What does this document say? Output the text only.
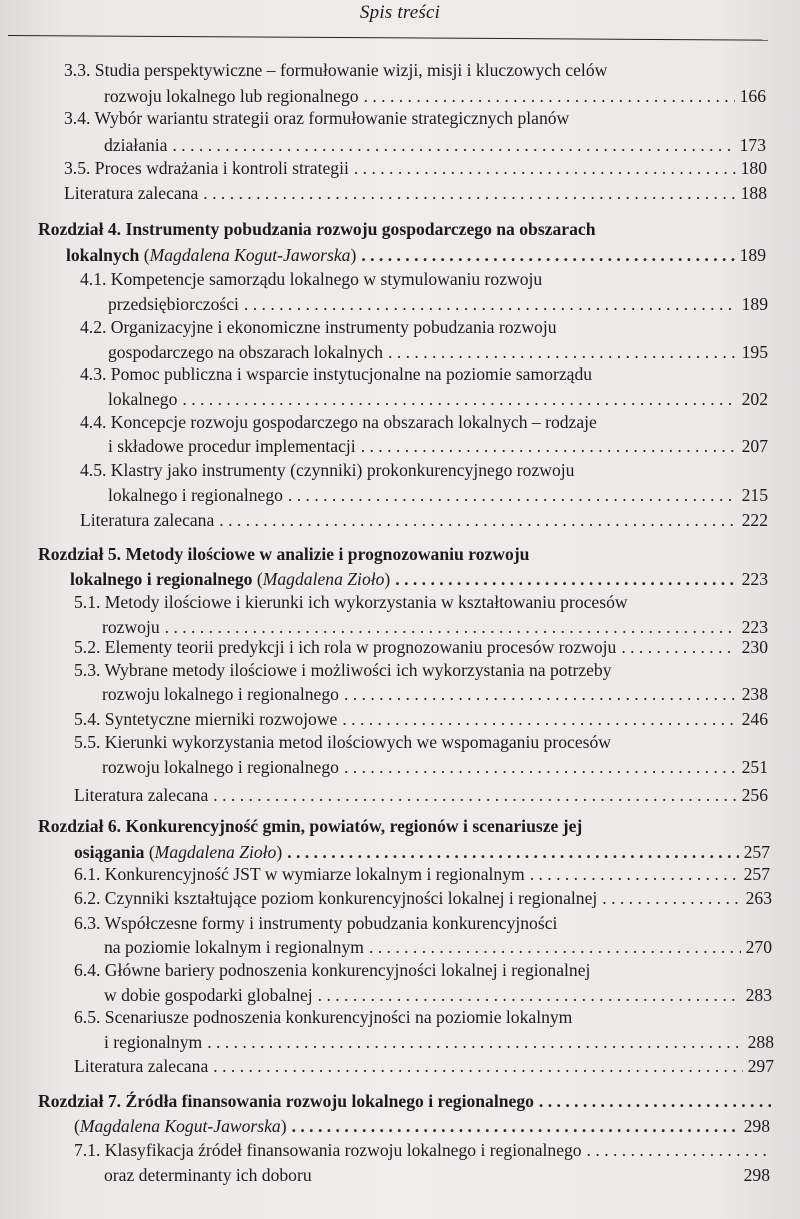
Spis treści
3.3. Studia perspektywiczne – formułowanie wizji, misji i kluczowych celów
rozwoju lokalnego lub regionalnego . . .	166
3.4. Wybór wariantu strategii oraz formułowanie strategicznych planów
działania . . .	173
3.5. Proces wdrażania i kontroli strategii . . .	180
Literatura zalecana . . .	188
Rozdział 4. Instrumenty pobudzania rozwoju gospodarczego na obszarach
lokalnych (Magdalena Kogut-Jaworska) . . .	189
4.1. Kompetencje samorządu lokalnego w stymulowaniu rozwoju
przedsiębiorczości . . .	189
4.2. Organizacyjne i ekonomiczne instrumenty pobudzania rozwoju
gospodarczego na obszarach lokalnych . . .	195
4.3. Pomoc publiczna i wsparcie instytucjonalne na poziomie samorządu
lokalnego . . .	202
4.4. Koncepcje rozwoju gospodarczego na obszarach lokalnych – rodzaje
i składowe procedur implementacji . . .	207
4.5. Klastry jako instrumenty (czynniki) prokonkurencyjnego rozwoju
lokalnego i regionalnego . . .	215
Literatura zalecana . . .	222
Rozdział 5. Metody ilościowe w analizie i prognozowaniu rozwoju
lokalnego i regionalnego (Magdalena Zioło) . . .	223
5.1. Metody ilościowe i kierunki ich wykorzystania w kształtowaniu procesów
rozwoju . . .	223
5.2. Elementy teorii predykcji i ich rola w prognozowaniu procesów rozwoju . . .	230
5.3. Wybrane metody ilościowe i możliwości ich wykorzystania na potrzeby
rozwoju lokalnego i regionalnego . . .	238
5.4. Syntetyczne mierniki rozwojowe . . .	246
5.5. Kierunki wykorzystania metod ilościowych we wspomaganiu procesów
rozwoju lokalnego i regionalnego . . .	251
Literatura zalecana . . .	256
Rozdział 6. Konkurencyjność gmin, powiatów, regionów i scenariusze jej
osiągania (Magdalena Zioło) . . .	257
6.1. Konkurencyjność JST w wymiarze lokalnym i regionalnym . . .	257
6.2. Czynniki kształtujące poziom konkurencyjności lokalnej i regionalnej . . .	263
6.3. Współczesne formy i instrumenty pobudzania konkurencyjności
na poziomie lokalnym i regionalnym . . .	270
6.4. Główne bariery podnoszenia konkurencyjności lokalnej i regionalnej
w dobie gospodarki globalnej . . .	283
6.5. Scenariusze podnoszenia konkurencyjności na poziomie lokalnym
i regionalnym . . .	288
Literatura zalecana . . .	297
Rozdział 7. Źródła finansowania rozwoju lokalnego i regionalnego
. . .
(Magdalena Kogut-Jaworska) . . .	298
7.1. Klasyfikacja źródeł finansowania rozwoju lokalnego i regionalnego
. . .
oraz determinanty ich doboru	298
